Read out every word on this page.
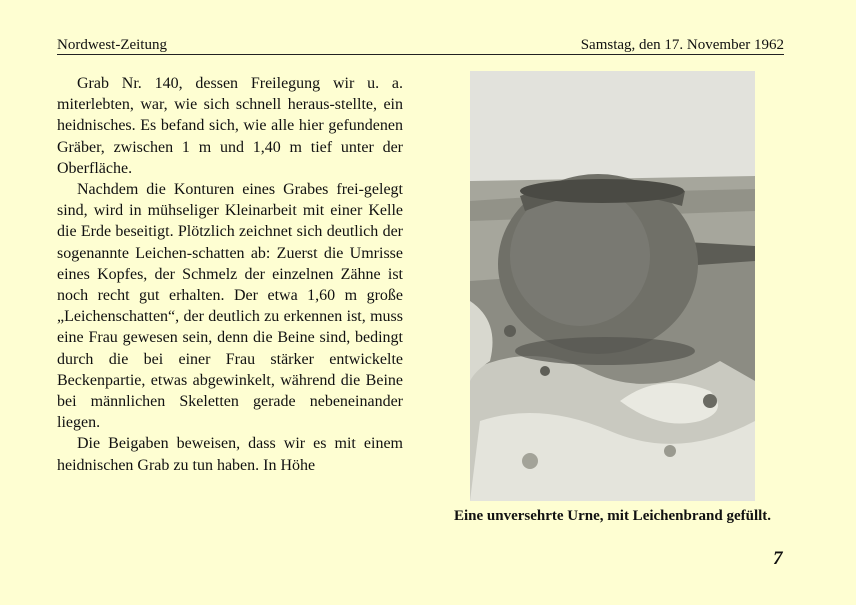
Nordwest-Zeitung	Samstag, den 17. November 1962

Grab Nr. 140, dessen Freilegung wir u. a. miterlebten, war, wie sich schnell heraus-stellte, ein heidnisches. Es befand sich, wie alle hier gefundenen Gräber, zwischen 1 m und 1,40 m tief unter der Oberfläche.

Nachdem die Konturen eines Grabes frei-gelegt sind, wird in mühseliger Kleinarbeit mit einer Kelle die Erde beseitigt. Plötzlich zeichnet sich deutlich der sogenannte Leichen-schatten ab: Zuerst die Umrisse eines Kopfes, der Schmelz der einzelnen Zähne ist noch recht gut erhalten. Der etwa 1,60 m große „Leichenschatten“, der deutlich zu erkennen ist, muss eine Frau gewesen sein, denn die Beine sind, bedingt durch die bei einer Frau stärker entwickelte Beckenpartie, etwas abgewinkelt, während die Beine bei männlichen Skeletten gerade nebeneinander liegen.

Die Beigaben beweisen, dass wir es mit einem heidnischen Grab zu tun haben. In Höhe

Eine unversehrte Urne, mit Leichenbrand gefüllt.
7
